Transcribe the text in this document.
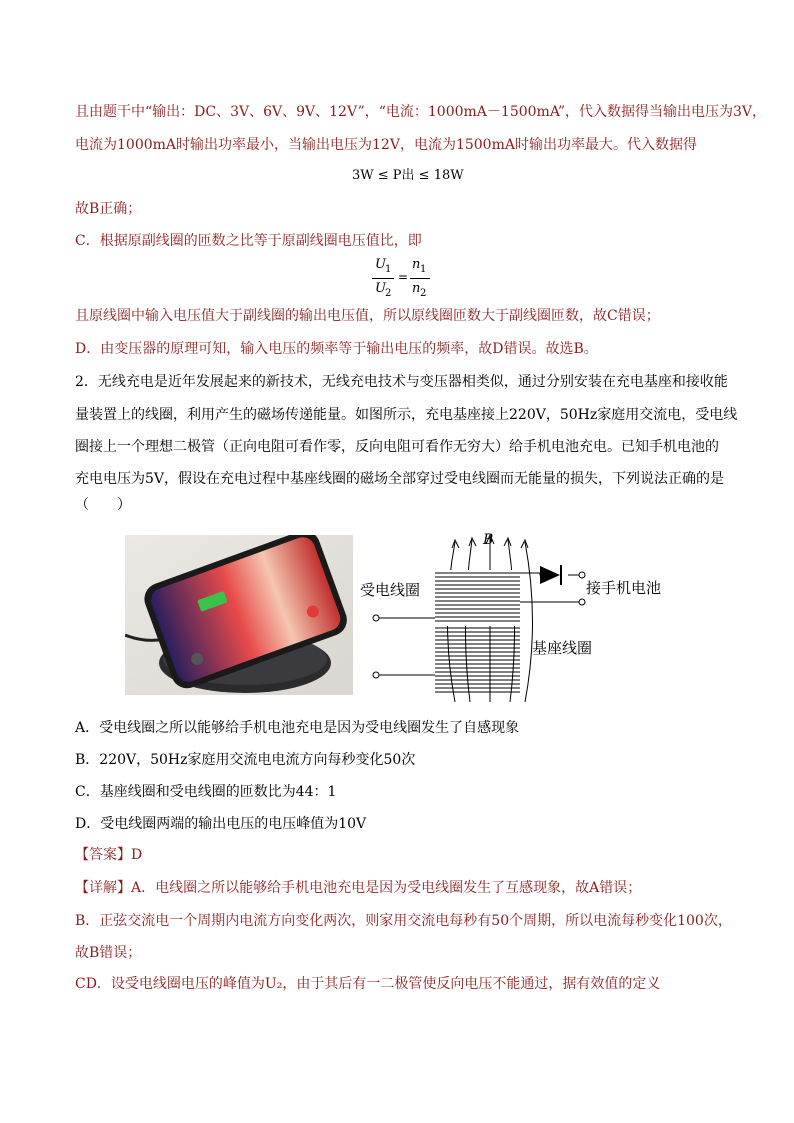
且由题干中“输出：DC、3V、6V、9V、12V”，“电流：1000mA－1500mA”，代入数据得当输出电压为3V，
电流为1000mA时输出功率最小，当输出电压为12V，电流为1500mA时输出功率最大。代入数据得
3W ≤ P出 ≤ 18W
故B正确；
C．根据原副线圈的匝数之比等于原副线圈电压值比，即
U 1
U 2
=
n 1
n 2
且原线圈中输入电压值大于副线圈的输出电压值，所以原线圈匝数大于副线圈匝数，故C错误；
D．由变压器的原理可知，输入电压的频率等于输出电压的频率，故D错误。故选B。
2．无线充电是近年发展起来的新技术，无线充电技术与变压器相类似，通过分别安装在充电基座和接收能
量装置上的线圈，利用产生的磁场传递能量。如图所示，充电基座接上220V，50Hz家庭用交流电，受电线
圈接上一个理想二极管（正向电阻可看作零，反向电阻可看作无穷大）给手机电池充电。已知手机电池的
充电电压为5V，假设在充电过程中基座线圈的磁场全部穿过受电线圈而无能量的损失，下列说法正确的是
（　　）
B
受电线圈	接手机电池
基座线圈
A．受电线圈之所以能够给手机电池充电是因为受电线圈发生了自感现象
B．220V，50Hz家庭用交流电电流方向每秒变化50次
C．基座线圈和受电线圈的匝数比为44：1
D．受电线圈两端的输出电压的电压峰值为10V
【答案】D
【详解】A．电线圈之所以能够给手机电池充电是因为受电线圈发生了互感现象，故A错误；
B．正弦交流电一个周期内电流方向变化两次，则家用交流电每秒有50个周期，所以电流每秒变化100次，
故B错误；
CD．设受电线圈电压的峰值为U₂，由于其后有一二极管使反向电压不能通过，据有效值的定义
